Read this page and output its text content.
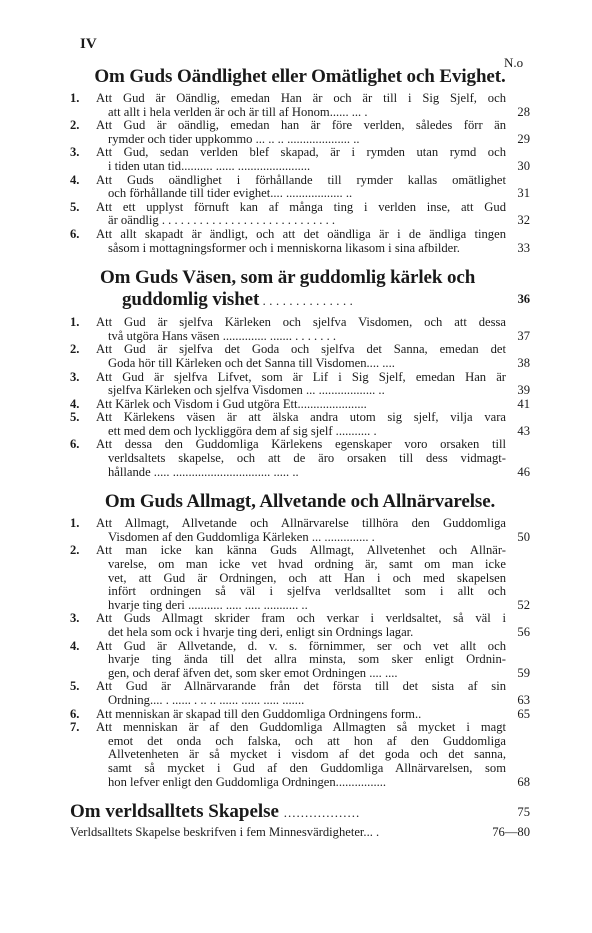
IV
N.o
Om Guds Oändlighet eller Omätlighet och Evighet.
1. Att Gud är Oändlig, emedan Han är och är till i Sig Sjelf, och
att allt i hela verlden är och är till af Honom...... ... .	28
2. Att Gud är oändlig, emedan han är före verlden, således förr än
rymder och tider uppkommo ... .. .. .................... ..	29
3. Att Gud, sedan verlden blef skapad, är i rymden utan rymd och
i tiden utan tid.......... ...... .......................	30
4. Att Guds oändlighet i förhållande till rymder kallas omätlighet
och förhållande till tider evighet.... .................. ..	31
5. Att ett upplyst förnuft kan af många ting i verlden inse, att Gud
är oändlig . . . . . . . . . . . . . . . . . . . . . . . . . . . .	32
6. Att allt skapadt är ändligt, och att det oändliga är i de ändliga tingen
såsom i mottagningsformer och i menniskorna likasom i sina afbilder.	33
Om Guds Väsen, som är guddomlig kärlek och
guddomlig vishet . . . . . . . . . . . . . .	36
1. Att Gud är sjelfva Kärleken och sjelfva Visdomen, och att dessa
två utgöra Hans väsen .............. ....... . . . . . . .	37
2. Att Gud är sjelfva det Goda och sjelfva det Sanna, emedan det
Goda hör till Kärleken och det Sanna till Visdomen.... ....	38
3. Att Gud är sjelfva Lifvet, som är Lif i Sig Sjelf, emedan Han är
sjelfva Kärleken och sjelfva Visdomen ... .................. ..	39
4. Att Kärlek och Visdom i Gud utgöra Ett......................	41
5. Att Kärlekens väsen är att älska andra utom sig sjelf, vilja vara
ett med dem och lyckliggöra dem af sig sjelf ........... .	43
6. Att dessa den Guddomliga Kärlekens egenskaper voro orsaken till
verldsaltets skapelse, och att de äro orsaken till dess vidmagt-
hållande ..... ............................... ..... ..	46
Om Guds Allmagt, Allvetande och Allnärvarelse.
1. Att Allmagt, Allvetande och Allnärvarelse tillhöra den Guddomliga
Visdomen af den Guddomliga Kärleken ... .............. .	50
2. Att man icke kan känna Guds Allmagt, Allvetenhet och Allnär-
varelse, om man icke vet hvad ordning är, samt om man icke
vet, att Gud är Ordningen, och att Han i och med skapelsen
infört ordningen så väl i sjelfva verldsalltet som i allt och
hvarje ting deri ........... ..... ..... ........... ..	52
3. Att Guds Allmagt skrider fram och verkar i verldsaltet, så väl i
det hela som ock i hvarje ting deri, enligt sin Ordnings lagar.	56
4. Att Gud är Allvetande, d. v. s. förnimmer, ser och vet allt och
hvarje ting ända till det allra minsta, som sker enligt Ordnin-
gen, och deraf äfven det, som sker emot Ordningen .... ....	59
5. Att Gud är Allnärvarande från det första till det sista af sin
Ordning.... . ...... . .. .. ...... ...... ..... .......	63
6. Att menniskan är skapad till den Guddomliga Ordningens form..	65
7. Att menniskan är af den Guddomliga Allmagten så mycket i magt
emot det onda och falska, och att hon af den Guddomliga
Allvetenheten är så mycket i visdom af det goda och det sanna,
samt så mycket i Gud af den Guddomliga Allnärvarelsen, som
hon lefver enligt den Guddomliga Ordningen................	68
Om verldsalltets Skapelse ..................	75
Verldsalltets Skapelse beskrifven i fem Minnesvärdigheter... .	76—80
